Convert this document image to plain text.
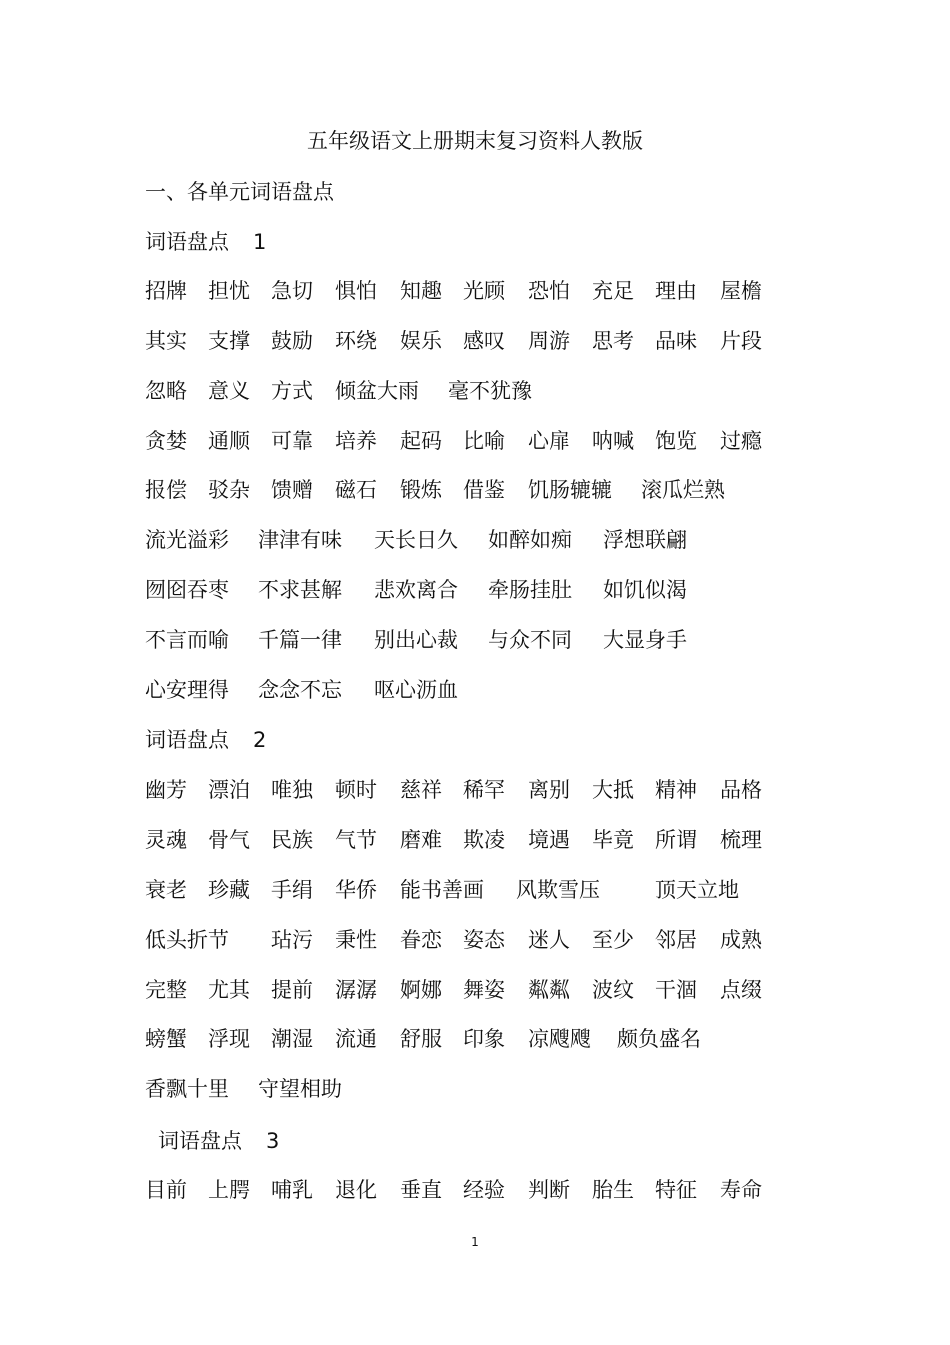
五年级语文上册期末复习资料人教版
一、各单元词语盘点
词语盘点 1
招牌 担忧 急切 惧怕 知趣 光顾 恐怕 充足 理由 屋檐
其实 支撑 鼓励 环绕 娱乐 感叹 周游 思考 品味 片段
忽略 意义 方式 倾盆大雨 毫不犹豫
贪婪 通顺 可靠 培养 起码 比喻 心扉 呐喊 饱览 过瘾
报偿 驳杂 馈赠 磁石 锻炼 借鉴 饥肠辘辘 滚瓜烂熟
流光溢彩 津津有味 天长日久 如醉如痴 浮想联翩
囫囵吞枣 不求甚解 悲欢离合 牵肠挂肚 如饥似渴
不言而喻 千篇一律 别出心裁 与众不同 大显身手
心安理得 念念不忘 呕心沥血
词语盘点 2
幽芳 漂泊 唯独 顿时 慈祥 稀罕 离别 大抵 精神 品格
灵魂 骨气 民族 气节 磨难 欺凌 境遇 毕竟 所谓 梳理
衰老 珍藏 手绢 华侨 能书善画 风欺雪压	顶天立地
低头折节 玷污 秉性 眷恋 姿态 迷人 至少 邻居 成熟
完整 尤其 提前 潺潺 婀娜 舞姿 粼粼 波纹 干涸 点缀
螃蟹 浮现 潮湿 流通 舒服 印象 凉飕飕 颇负盛名
香飘十里 守望相助
词语盘点 3
目前 上腭 哺乳 退化 垂直 经验 判断 胎生 特征 寿命
1
